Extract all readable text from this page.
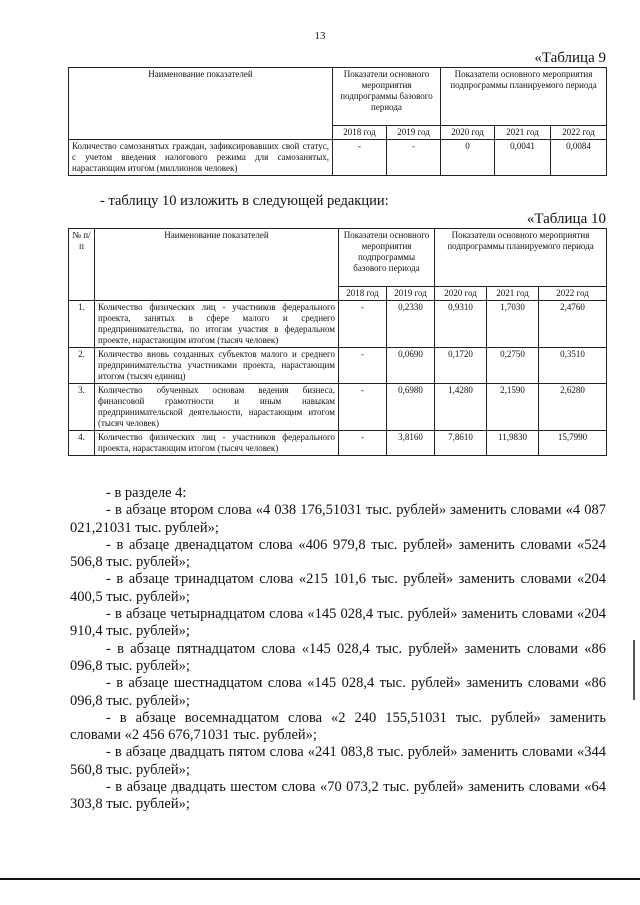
13
«Таблица 9
Наименование показателей	Показатели основного мероприятия подпрограммы базового периода		Показатели основного мероприятия подпрограммы планируемого периода		
	2018 год	2019 год	2020 год	2021 год	2022 год
Количество самозанятых граждан, зафиксировавших свой статус, с учетом введения налогового режима для самозанятых, нарастающим итогом (миллионов человек)	-	-	0	0,0041	0,0084
- таблицу 10 изложить в следующей редакции:
«Таблица 10
№ п/п	Наименование показателей	Показатели основного мероприятия подпрограммы базового периода		Показатели основного мероприятия подпрограммы планируемого периода		
		2018 год	2019 год	2020 год	2021 год	2022 год
1.	Количество физических лиц - участников федерального проекта, занятых в сфере малого и среднего предпринимательства, по итогам участия в федеральном проекте, нарастающим итогом (тысяч человек)	-	0,2330	0,9310	1,7030	2,4760
2.	Количество вновь созданных субъектов малого и среднего предпринимательства участниками проекта, нарастающим итогом (тысяч единиц)	-	0,0690	0,1720	0,2750	0,3510
3.	Количество обученных основам ведения бизнеса, финансовой грамотности и иным навыкам предпринимательской деятельности, нарастающим итогом (тысяч человек)	-	0,6980	1,4280	2,1590	2,6280
4.	Количество физических лиц - участников федерального проекта, нарастающим итогом (тысяч человек)	-	3,8160	7,8610	11,9830	15,7990

- в разделе 4:

- в абзаце втором слова «4 038 176,51031 тыс. рублей» заменить словами «4 087 021,21031 тыс. рублей»;

- в абзаце двенадцатом слова «406 979,8 тыс. рублей» заменить словами «524 506,8 тыс. рублей»;

- в абзаце тринадцатом слова «215 101,6 тыс. рублей» заменить словами «204 400,5 тыс. рублей»;

- в абзаце четырнадцатом слова «145 028,4 тыс. рублей» заменить словами «204 910,4 тыс. рублей»;

- в абзаце пятнадцатом слова «145 028,4 тыс. рублей» заменить словами «86 096,8 тыс. рублей»;

- в абзаце шестнадцатом слова «145 028,4 тыс. рублей» заменить словами «86 096,8 тыс. рублей»;

- в абзаце восемнадцатом слова «2 240 155,51031 тыс. рублей» заменить словами «2 456 676,71031 тыс. рублей»;

- в абзаце двадцать пятом слова «241 083,8 тыс. рублей» заменить словами «344 560,8 тыс. рублей»;

- в абзаце двадцать шестом слова «70 073,2 тыс. рублей» заменить словами «64 303,8 тыс. рублей»;
